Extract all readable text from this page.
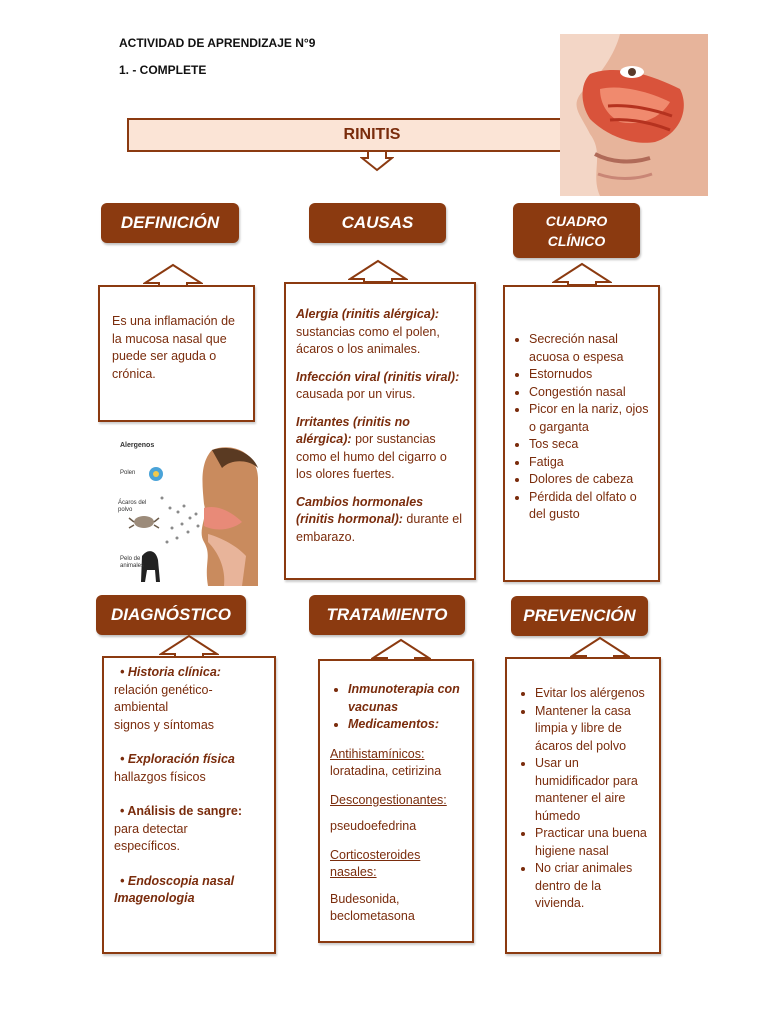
ACTIVIDAD DE APRENDIZAJE N°9
1. - COMPLETE
RINITIS
DEFINICIÓN	CAUSAS	CUADRO
CLÍNICO

Es una inflamación de la mucosa nasal que puede ser aguda o crónica.

Alergia (rinitis alérgica): sustancias como el polen, ácaros o los animales.

Infección viral (rinitis viral): causada por un virus.

Irritantes (rinitis no alérgica): por sustancias como el humo del cigarro o los olores fuertes.

Cambios hormonales (rinitis hormonal): durante el embarazo.

• Secreción nasal acuosa o espesa
• Estornudos
• Congestión nasal
• Picor en la nariz, ojos o garganta
• Tos seca
• Fatiga
• Dolores de cabeza
• Pérdida del olfato o del gusto
Alergenos
Polen
Ácaros del
polvo
Pelo de
animales
DIAGNÓSTICO	TRATAMIENTO	PREVENCIÓN

• Historia clínica:

relación genético-

ambiental

signos y síntomas

• Exploración física

hallazgos físicos

• Análisis de sangre:

para detectar

específicos.

• Endoscopia nasal

Imagenologia

• Inmunoterapia con vacunas
• Medicamentos:

Antihistamínicos:

loratadina, cetirizina

Descongestionantes:

pseudoefedrina

Corticosteroides

nasales:

Budesonida,

beclometasona

• Evitar los alérgenos
• Mantener la casa limpia y libre de ácaros del polvo
• Usar un humidificador para mantener el aire húmedo
• Practicar una buena higiene nasal
• No criar animales dentro de la vivienda.
